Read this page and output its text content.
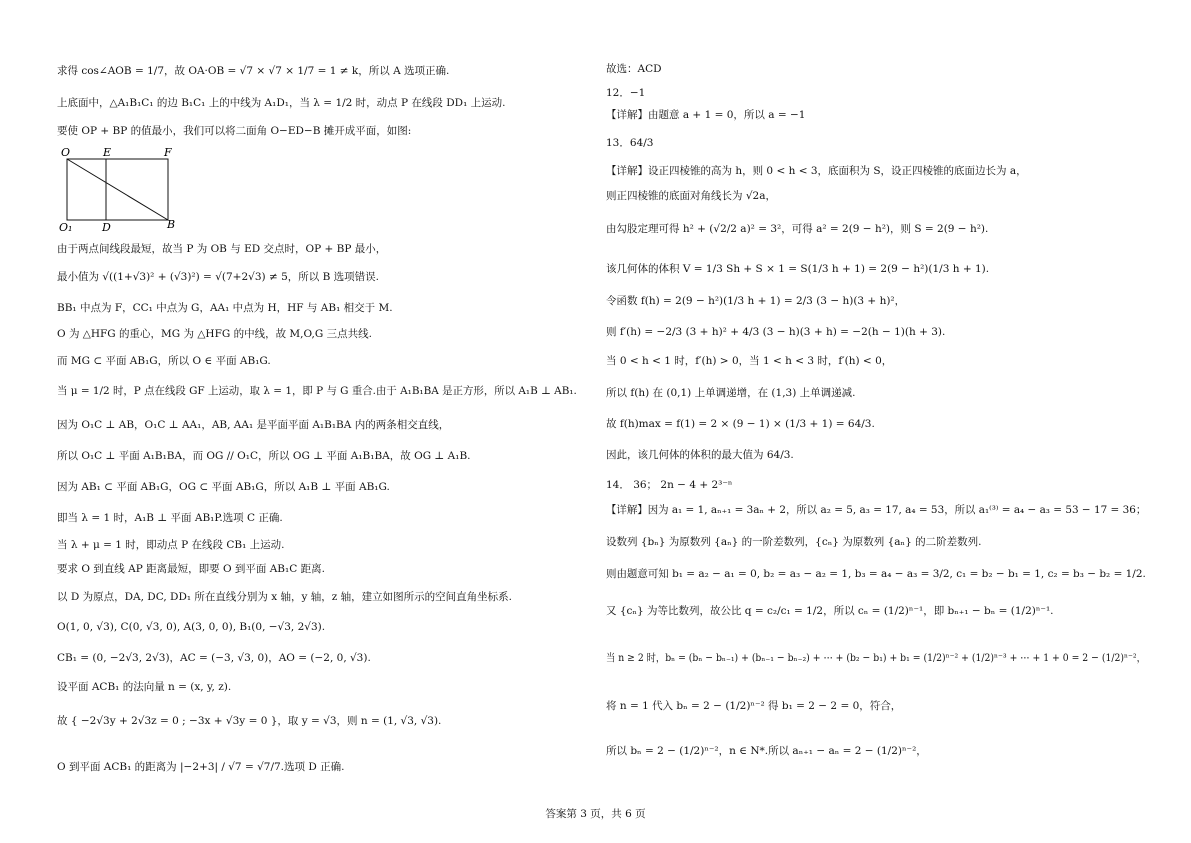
求得 cos∠AOB = 1/7，故 OA·OB = √7 × √7 × 1/7 = 1 ≠ k，所以 A 选项正确.
上底面中，△A₁B₁C₁ 的边 B₁C₁ 上的中线为 A₁D₁，当 λ = 1/2 时，动点 P 在线段 DD₁ 上运动.
要使 OP + BP 的值最小，我们可以将二面角 O−ED−B 摊开成平面，如图:
O	E	F
O₁	D	B
由于两点间线段最短，故当 P 为 OB 与 ED 交点时，OP + BP 最小，
最小值为 √((1+√3)² + (√3)²) = √(7+2√3) ≠ 5，所以 B 选项错误.
BB₁ 中点为 F，CC₁ 中点为 G，AA₁ 中点为 H，HF 与 AB₁ 相交于 M.
O 为 △HFG 的重心，MG 为 △HFG 的中线，故 M,O,G 三点共线.
而 MG ⊂ 平面 AB₁G，所以 O ∈ 平面 AB₁G.
当 μ = 1/2 时，P 点在线段 GF 上运动，取 λ = 1，即 P 与 G 重合.由于 A₁B₁BA 是正方形，所以 A₁B ⊥ AB₁.
因为 O₁C ⊥ AB，O₁C ⊥ AA₁，AB, AA₁ 是平面平面 A₁B₁BA 内的两条相交直线，
所以 O₁C ⊥ 平面 A₁B₁BA，而 OG // O₁C，所以 OG ⊥ 平面 A₁B₁BA，故 OG ⊥ A₁B.
因为 AB₁ ⊂ 平面 AB₁G，OG ⊂ 平面 AB₁G，所以 A₁B ⊥ 平面 AB₁G.
即当 λ = 1 时，A₁B ⊥ 平面 AB₁P.选项 C 正确.
当 λ + μ = 1 时，即动点 P 在线段 CB₁ 上运动.
要求 O 到直线 AP 距离最短，即要 O 到平面 AB₁C 距离.
以 D 为原点，DA, DC, DD₁ 所在直线分别为 x 轴，y 轴，z 轴，建立如图所示的空间直角坐标系.
O(1, 0, √3), C(0, √3, 0), A(3, 0, 0), B₁(0, −√3, 2√3).
CB₁ = (0, −2√3, 2√3)，AC = (−3, √3, 0)，AO = (−2, 0, √3).
设平面 ACB₁ 的法向量 n = (x, y, z).
故 { −2√3y + 2√3z = 0 ; −3x + √3y = 0 }，取 y = √3，则 n = (1, √3, √3).
O 到平面 ACB₁ 的距离为 |−2+3| / √7 = √7/7.选项 D 正确.
故选：ACD
12．−1
【详解】由题意 a + 1 = 0，所以 a = −1
13．64/3
【详解】设正四棱锥的高为 h，则 0 < h < 3，底面积为 S，设正四棱锥的底面边长为 a，
则正四棱锥的底面对角线长为 √2a，
由勾股定理可得 h² + (√2/2 a)² = 3²，可得 a² = 2(9 − h²)，则 S = 2(9 − h²).
该几何体的体积 V = 1/3 Sh + S × 1 = S(1/3 h + 1) = 2(9 − h²)(1/3 h + 1).
令函数 f(h) = 2(9 − h²)(1/3 h + 1) = 2/3 (3 − h)(3 + h)²，
则 f′(h) = −2/3 (3 + h)² + 4/3 (3 − h)(3 + h) = −2(h − 1)(h + 3).
当 0 < h < 1 时，f′(h) > 0，当 1 < h < 3 时，f′(h) < 0，
所以 f(h) 在 (0,1) 上单调递增，在 (1,3) 上单调递减.
故 f(h)max = f(1) = 2 × (9 − 1) × (1/3 + 1) = 64/3.
因此，该几何体的体积的最大值为 64/3.
14． 36； 2n − 4 + 2³⁻ⁿ
【详解】因为 a₁ = 1, aₙ₊₁ = 3aₙ + 2，所以 a₂ = 5, a₃ = 17, a₄ = 53，所以 a₁⁽³⁾ = a₄ − a₃ = 53 − 17 = 36；
设数列 {bₙ} 为原数列 {aₙ} 的一阶差数列，{cₙ} 为原数列 {aₙ} 的二阶差数列.
则由题意可知 b₁ = a₂ − a₁ = 0, b₂ = a₃ − a₂ = 1, b₃ = a₄ − a₃ = 3/2, c₁ = b₂ − b₁ = 1, c₂ = b₃ − b₂ = 1/2.
又 {cₙ} 为等比数列，故公比 q = c₂/c₁ = 1/2，所以 cₙ = (1/2)ⁿ⁻¹，即 bₙ₊₁ − bₙ = (1/2)ⁿ⁻¹.
当 n ≥ 2 时，bₙ = (bₙ − bₙ₋₁) + (bₙ₋₁ − bₙ₋₂) + ⋯ + (b₂ − b₁) + b₁ = (1/2)ⁿ⁻² + (1/2)ⁿ⁻³ + ⋯ + 1 + 0 = 2 − (1/2)ⁿ⁻²，
将 n = 1 代入 bₙ = 2 − (1/2)ⁿ⁻² 得 b₁ = 2 − 2 = 0，符合，
所以 bₙ = 2 − (1/2)ⁿ⁻²，n ∈ N*.所以 aₙ₊₁ − aₙ = 2 − (1/2)ⁿ⁻²，
答案第 3 页，共 6 页
